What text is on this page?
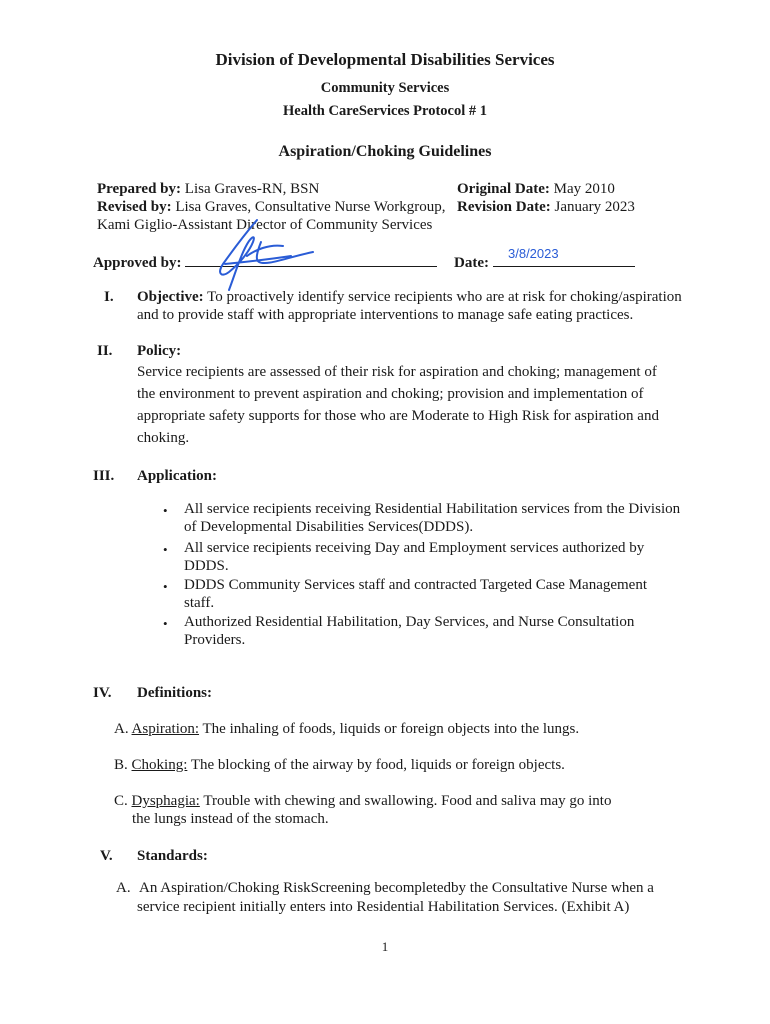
Division of Developmental Disabilities Services
Community Services
Health CareServices Protocol # 1
Aspiration/Choking Guidelines
Prepared by: Lisa Graves-RN, BSN
Revised by: Lisa Graves, Consultative Nurse Workgroup,
Kami Giglio-Assistant Director of Community Services
Original Date: May 2010
Revision Date: January 2023
Approved by:	Date:
3/8/2023
I. Objective: To proactively identify service recipients who are at risk for choking/aspiration
and to provide staff with appropriate interventions to manage safe eating practices.
II. Policy:
Service recipients are assessed of their risk for aspiration and choking; management of
the environment to prevent aspiration and choking; provision and implementation of
appropriate safety supports for those who are Moderate to High Risk for aspiration and
choking.
III. Application:
• All service recipients receiving Residential Habilitation services from the Division
of Developmental Disabilities Services(DDDS).
• All service recipients receiving Day and Employment services authorized by
DDDS.
• DDDS Community Services staff and contracted Targeted Case Management
staff.
• Authorized Residential Habilitation, Day Services, and Nurse Consultation
Providers.
IV. Definitions:
A. Aspiration: The inhaling of foods, liquids or foreign objects into the lungs.
B. Choking: The blocking of the airway by food, liquids or foreign objects.
C. Dysphagia: Trouble with chewing and swallowing. Food and saliva may go into
the lungs instead of the stomach.
V. Standards:
A. An Aspiration/Choking RiskScreening becompletedby the Consultative Nurse when a
service recipient initially enters into Residential Habilitation Services. (Exhibit A)
1
